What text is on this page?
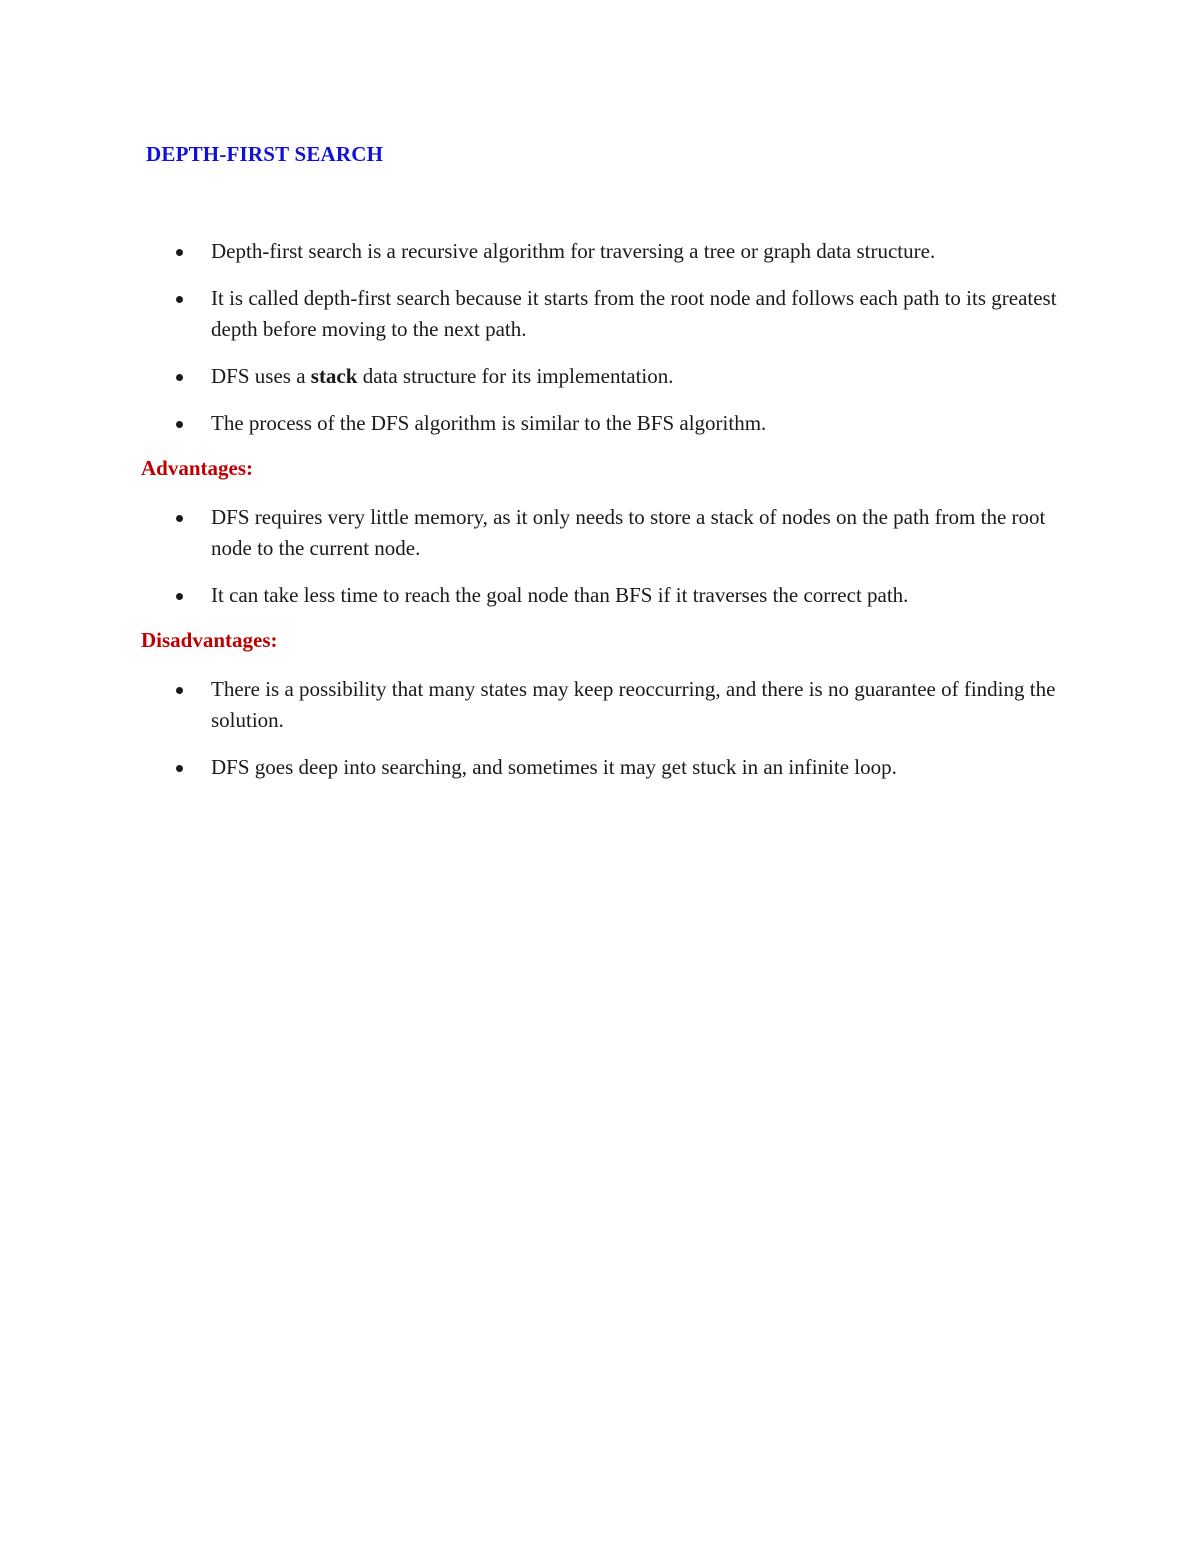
DEPTH-FIRST SEARCH
Depth-first search is a recursive algorithm for traversing a tree or graph data structure.
It is called depth-first search because it starts from the root node and follows each path to its greatest depth before moving to the next path.
DFS uses a stack data structure for its implementation.
The process of the DFS algorithm is similar to the BFS algorithm.
Advantages:
DFS requires very little memory, as it only needs to store a stack of nodes on the path from the root node to the current node.
It can take less time to reach the goal node than BFS if it traverses the correct path.
Disadvantages:
There is a possibility that many states may keep reoccurring, and there is no guarantee of finding the solution.
DFS goes deep into searching, and sometimes it may get stuck in an infinite loop.
